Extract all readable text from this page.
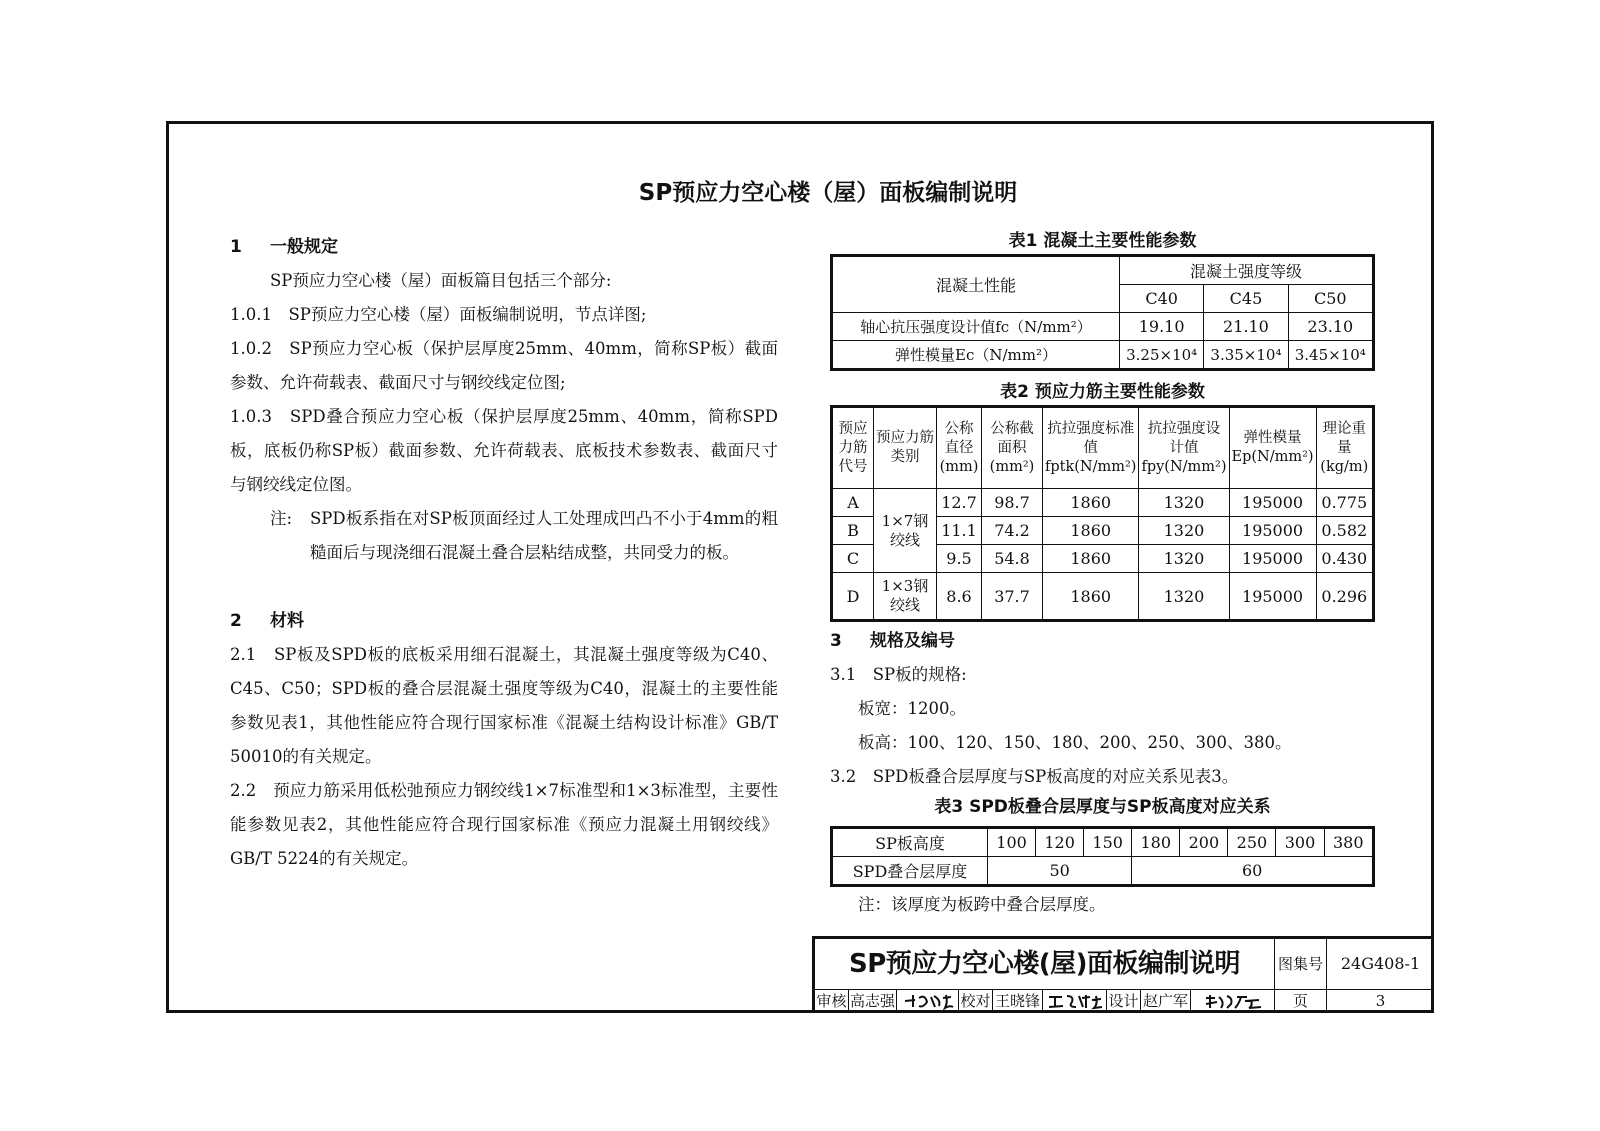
SP预应力空心楼（屋）面板编制说明
1 一般规定
SP预应力空心楼（屋）面板篇目包括三个部分:
1.0.1　SP预应力空心楼（屋）面板编制说明，节点详图;
1.0.2　SP预应力空心板（保护层厚度25mm、40mm，简称SP板）截面参数、允许荷载表、截面尺寸与钢绞线定位图;
1.0.3　SPD叠合预应力空心板（保护层厚度25mm、40mm，简称SPD板，底板仍称SP板）截面参数、允许荷载表、底板技术参数表、截面尺寸与钢绞线定位图。
注:	SPD板系指在对SP板顶面经过人工处理成凹凸不小于4mm的粗糙面后与现浇细石混凝土叠合层粘结成整，共同受力的板。
2 材料
2.1　SP板及SPD板的底板采用细石混凝土，其混凝土强度等级为C40、C45、C50；SPD板的叠合层混凝土强度等级为C40，混凝土的主要性能参数见表1，其他性能应符合现行国家标准《混凝土结构设计标准》GB/T 50010的有关规定。
2.2　预应力筋采用低松弛预应力钢绞线1×7标准型和1×3标准型，主要性能参数见表2，其他性能应符合现行国家标准《预应力混凝土用钢绞线》GB/T 5224的有关规定。
表1 混凝土主要性能参数
混凝土性能	混凝土强度等级		
	C40	C45	C50
轴心抗压强度设计值fc（N/mm²）	19.10	21.10	23.10
弹性模量Ec（N/mm²）	3.25×10⁴	3.35×10⁴	3.45×10⁴
表2 预应力筋主要性能参数
预应力筋代号	预应力筋类别	公称直径(mm)	公称截面积(mm²)	抗拉强度标准值fptk(N/mm²)	抗拉强度设计值fpy(N/mm²)	弹性模量Ep(N/mm²)	理论重量(kg/m)
A	1×7钢绞线	12.7	98.7	1860	1320	195000	0.775
B		11.1	74.2	1860	1320	195000	0.582
C		9.5	54.8	1860	1320	195000	0.430
D	1×3钢绞线	8.6	37.7	1860	1320	195000	0.296
3 规格及编号
3.1　SP板的规格:
板宽：1200。
板高：100、120、150、180、200、250、300、380。
3.2　SPD板叠合层厚度与SP板高度的对应关系见表3。
表3 SPD板叠合层厚度与SP板高度对应关系
SP板高度	100	120	150	180	200	250	300	380
SPD叠合层厚度	50			60				
注：该厚度为板跨中叠合层厚度。
SP预应力空心楼(屋)面板编制说明	图集号	24G408-1
审核 高志强	校对 王晓锋	设计 赵广军	页	3
